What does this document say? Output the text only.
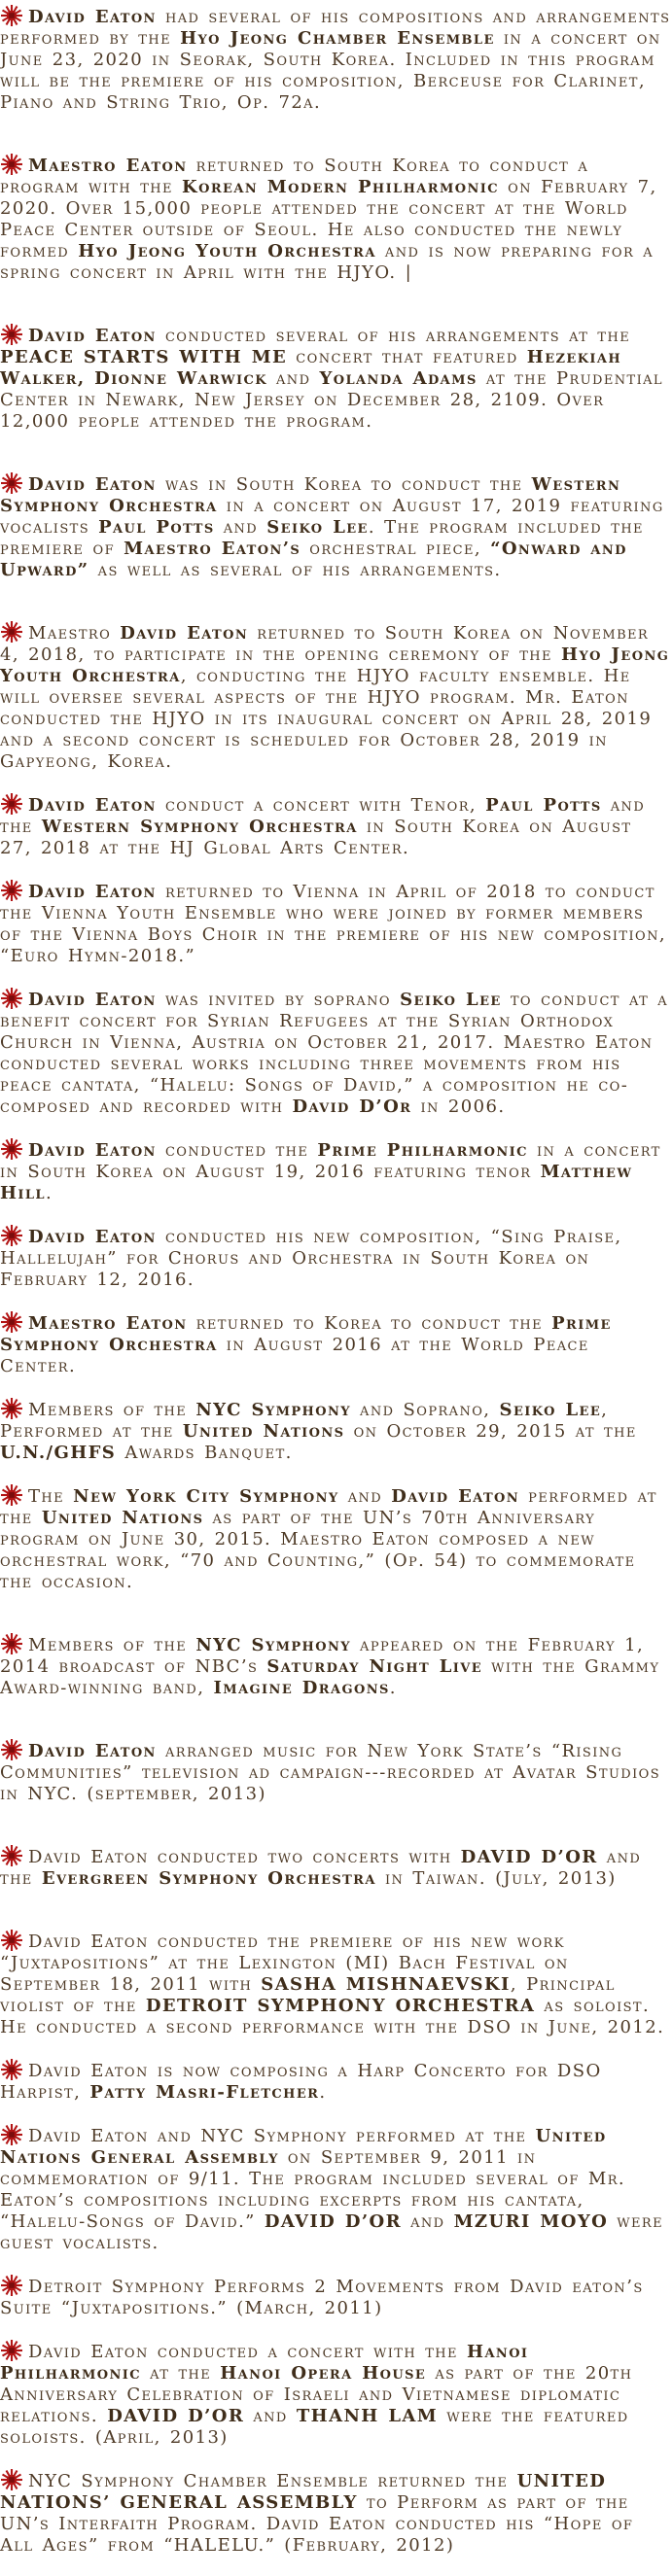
David Eaton had several of his compositions and arrangements performed by the Hyo Jeong Chamber Ensemble in a concert on June 23, 2020 in Seorak, South Korea. Included in this program will be the premiere of his composition, Berceuse for Clarinet, Piano and String Trio, Op. 72a.

Maestro Eaton returned to South Korea to conduct a program with the Korean Modern Philharmonic on February 7, 2020. Over 15,000 people attended the concert at the World Peace Center outside of Seoul. He also conducted the newly formed Hyo Jeong Youth Orchestra and is now preparing for a spring concert in April with the HJYO. |

David Eaton conducted several of his arrangements at the PEACE STARTS WITH ME concert that featured Hezekiah Walker, Dionne Warwick and Yolanda Adams at the Prudential Center in Newark, New Jersey on December 28, 2109. Over 12,000 people attended the program.

David Eaton was in South Korea to conduct the Western Symphony Orchestra in a concert on August 17, 2019 featuring vocalists Paul Potts and Seiko Lee. The program included the premiere of Maestro Eaton’s orchestral piece, “Onward and Upward” as well as several of his arrangements.

Maestro David Eaton returned to South Korea on November 4, 2018, to participate in the opening ceremony of the Hyo Jeong Youth Orchestra, conducting the HJYO faculty ensemble. He will oversee several aspects of the HJYO program. Mr. Eaton conducted the HJYO in its inaugural concert on April 28, 2019 and a second concert is scheduled for October 28, 2019 in Gapyeong, Korea.

David Eaton conduct a concert with Tenor, Paul Potts and the Western Symphony Orchestra in South Korea on August 27, 2018 at the HJ Global Arts Center.

David Eaton returned to Vienna in April of 2018 to conduct the Vienna Youth Ensemble who were joined by former members of the Vienna Boys Choir in the premiere of his new composition, “Euro Hymn-2018.”

David Eaton was invited by soprano Seiko Lee to conduct at a benefit concert for Syrian Refugees at the Syrian Orthodox Church in Vienna, Austria on October 21, 2017. Maestro Eaton conducted several works including three movements from his peace cantata, “Halelu: Songs of David,” a composition he co-composed and recorded with David D’Or in 2006.

David Eaton conducted the Prime Philharmonic in a concert in South Korea on August 19, 2016 featuring tenor Matthew Hill.

David Eaton conducted his new composition, “Sing Praise, Hallelujah” for Chorus and Orchestra in South Korea on February 12, 2016.

Maestro Eaton returned to Korea to conduct the Prime Symphony Orchestra in August 2016 at the World Peace Center.

Members of the NYC Symphony and Soprano, Seiko Lee, Performed at the United Nations on October 29, 2015 at the U.N./GHFS Awards Banquet.

The New York City Symphony and David Eaton performed at the United Nations as part of the UN’s 70th Anniversary program on June 30, 2015. Maestro Eaton composed a new orchestral work, “70 and Counting,” (Op. 54) to commemorate the occasion.

Members of the NYC Symphony appeared on the February 1, 2014 broadcast of NBC’s Saturday Night Live with the Grammy Award-winning band, Imagine Dragons.

David Eaton arranged music for New York State’s “Rising Communities” television ad campaign---recorded at Avatar Studios in NYC. (september, 2013)

David Eaton conducted two concerts with DAVID D’OR and the Evergreen Symphony Orchestra in Taiwan. (July, 2013)

David Eaton conducted the premiere of his new work “Juxtapositions” at the Lexington (MI) Bach Festival on September 18, 2011 with SASHA MISHNAEVSKI, Principal violist of the DETROIT SYMPHONY ORCHESTRA as soloist. He conducted a second performance with the DSO in June, 2012.

David Eaton is now composing a Harp Concerto for DSO Harpist, Patty Masri-Fletcher.

David Eaton and NYC Symphony performed at the United Nations General Assembly on September 9, 2011 in commemoration of 9/11. The program included several of Mr. Eaton’s compositions including excerpts from his cantata, “Halelu-Songs of David.” DAVID D’OR and MZURI MOYO were guest vocalists.

Detroit Symphony Performs 2 Movements from David eaton’s Suite “Juxtapositions.” (March, 2011)

David Eaton conducted a concert with the Hanoi Philharmonic at the Hanoi Opera House as part of the 20th Anniversary Celebration of Israeli and Vietnamese diplomatic relations. DAVID D’OR and THANH LAM were the featured soloists. (April, 2013)

NYC Symphony Chamber Ensemble returned the UNITED NATIONS’ GENERAL ASSEMBLY to Perform as part of the UN’s Interfaith Program. David Eaton conducted his “Hope of All Ages” from “HALELU.” (February, 2012)
